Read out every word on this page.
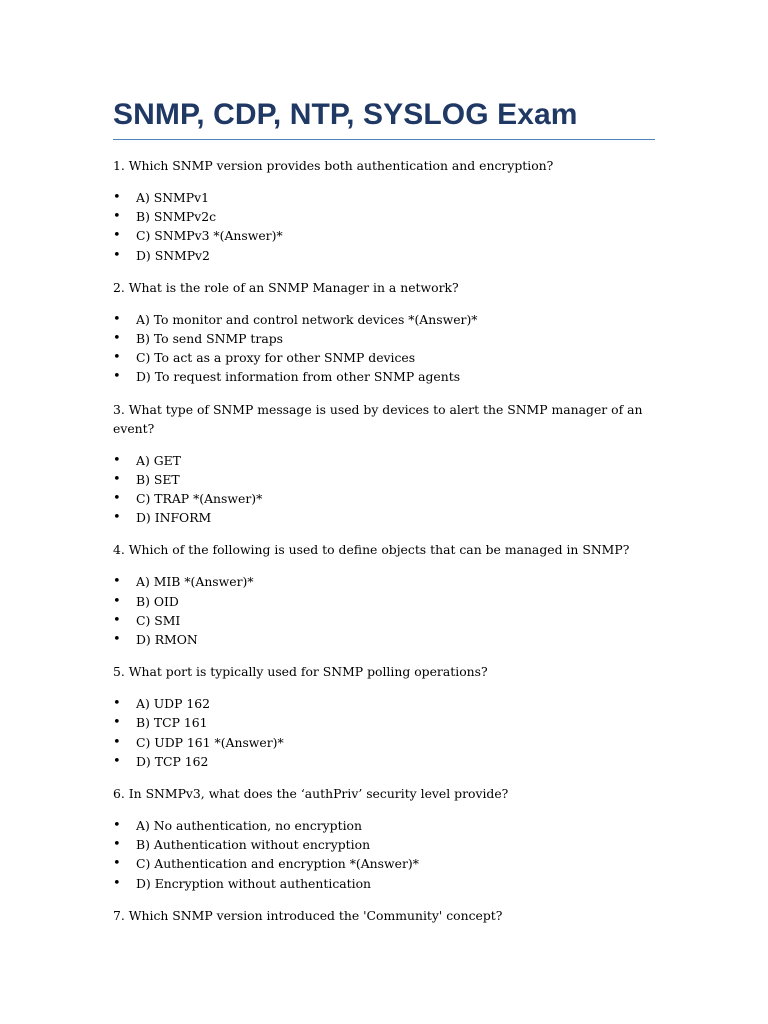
SNMP, CDP, NTP, SYSLOG Exam

1. Which SNMP version provides both authentication and encryption?

• A) SNMPv1
• B) SNMPv2c
• C) SNMPv3 *(Answer)*
• D) SNMPv2

2. What is the role of an SNMP Manager in a network?

• A) To monitor and control network devices *(Answer)*
• B) To send SNMP traps
• C) To act as a proxy for other SNMP devices
• D) To request information from other SNMP agents

3. What type of SNMP message is used by devices to alert the SNMP manager of an event?

• A) GET
• B) SET
• C) TRAP *(Answer)*
• D) INFORM

4. Which of the following is used to define objects that can be managed in SNMP?

• A) MIB *(Answer)*
• B) OID
• C) SMI
• D) RMON

5. What port is typically used for SNMP polling operations?

• A) UDP 162
• B) TCP 161
• C) UDP 161 *(Answer)*
• D) TCP 162

6. In SNMPv3, what does the ‘authPriv’ security level provide?

• A) No authentication, no encryption
• B) Authentication without encryption
• C) Authentication and encryption *(Answer)*
• D) Encryption without authentication

7. Which SNMP version introduced the 'Community' concept?
